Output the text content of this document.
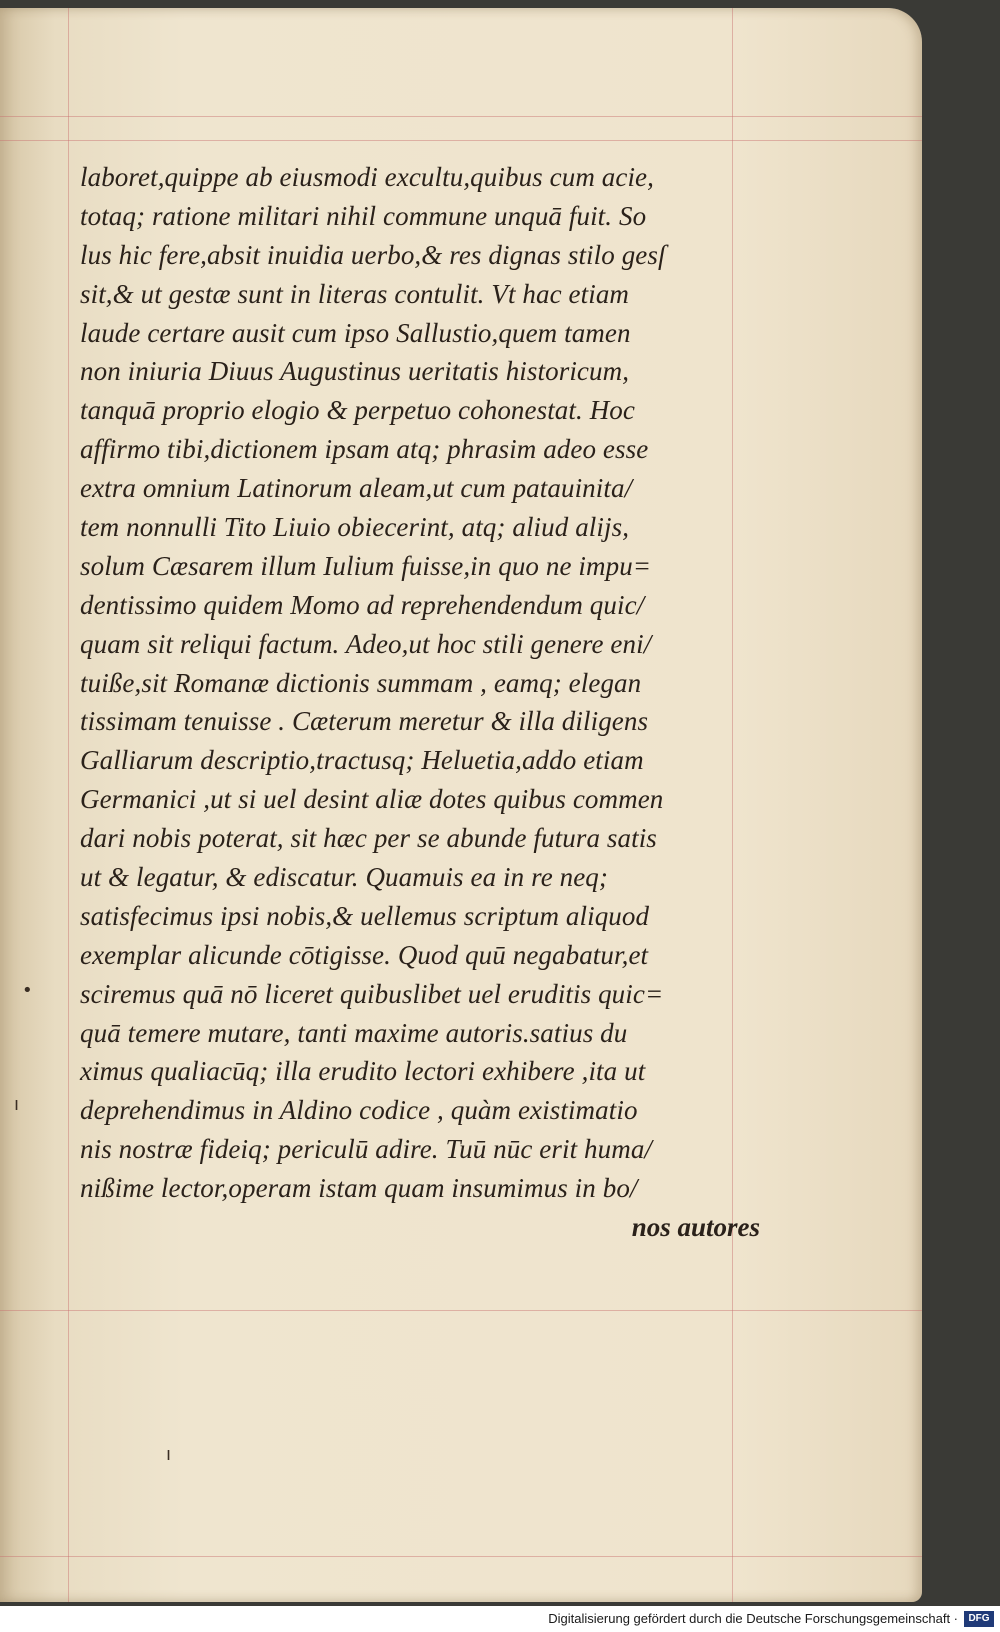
•
ı
ı
laboret,quippe ab eiusmodi excultu,quibus cum acie,
totaq; ratione militari nihil commune unquā fuit. So
lus hic fere,absit inuidia uerbo,& res dignas stilo gesſ
sit,& ut gestæ sunt in literas contulit. Vt hac etiam
laude certare ausit cum ipso Sallustio,quem tamen
non iniuria Diuus Augustinus ueritatis historicum,
tanquā proprio elogio & perpetuo cohonestat. Hoc
affirmo tibi,dictionem ipsam atq; phrasim adeo esse
extra omnium Latinorum aleam,ut cum patauinita/
tem nonnulli Tito Liuio obiecerint, atq; aliud alijs,
solum Cæsarem illum Iulium fuisse,in quo ne impu=
dentissimo quidem Momo ad reprehendendum quic/
quam sit reliqui factum. Adeo,ut hoc stili genere eni/
tuiße,sit Romanæ dictionis summam , eamq; elegan
tissimam tenuisse . Cæterum meretur & illa diligens
Galliarum descriptio,tractusq; Heluetia,addo etiam
Germanici ,ut si uel desint aliæ dotes quibus commen
dari nobis poterat, sit hæc per se abunde futura satis
ut & legatur, & ediscatur. Quamuis ea in re neq;
satisfecimus ipsi nobis,& uellemus scriptum aliquod
exemplar alicunde cōtigisse. Quod quū negabatur,et
sciremus quā nō liceret quibuslibet uel eruditis quic=
quā temere mutare, tanti maxime autoris.satius du
ximus qualiacūq; illa erudito lectori exhibere ,ita ut
deprehendimus in Aldino codice , quàm existimatio
nis nostræ fideiq; periculū adire. Tuū nūc erit huma/
nißime lector,operam istam quam insumimus in bo/
nos autores
Digitalisierung gefördert durch die Deutsche Forschungsgemeinschaft ·	DFG
